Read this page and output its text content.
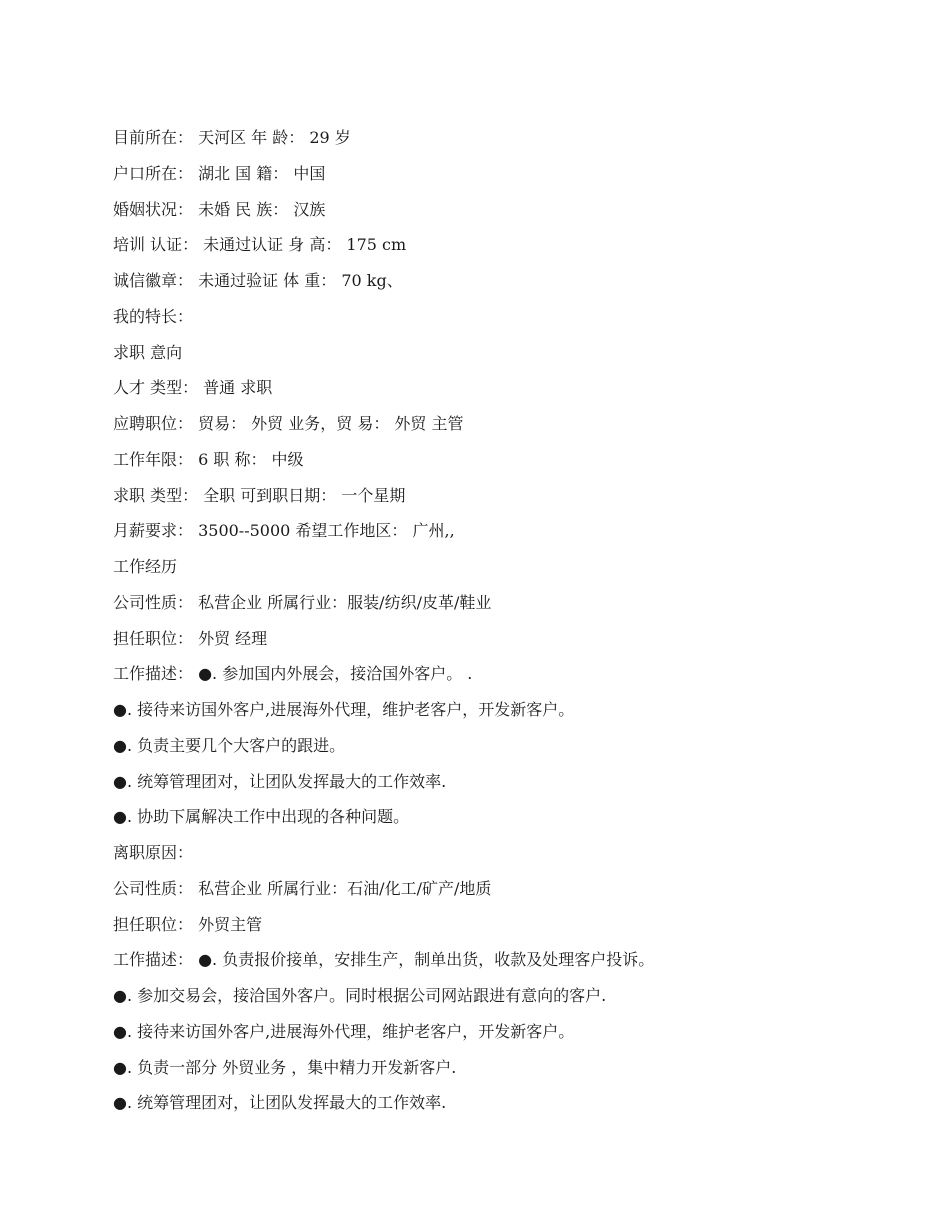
目前所在： 天河区 年 龄： 29 岁
户口所在： 湖北 国 籍： 中国
婚姻状况： 未婚 民 族： 汉族
培训 认证： 未通过认证 身 高： 175 cm
诚信徽章： 未通过验证 体 重： 70 kg、
我的特长：
求职 意向
人才 类型： 普通 求职
应聘职位： 贸易： 外贸 业务，贸 易： 外贸 主管
工作年限： 6 职 称： 中级
求职 类型： 全职 可到职日期： 一个星期
月薪要求： 3500--5000 希望工作地区： 广州,,
工作经历
公司性质： 私营企业 所属行业：服装/纺织/皮革/鞋业
担任职位： 外贸 经理
工作描述： ●. 参加国内外展会，接洽国外客户。 .
●. 接待来访国外客户,进展海外代理，维护老客户，开发新客户。
●. 负责主要几个大客户的跟进。
●. 统筹管理团对，让团队发挥最大的工作效率.
●. 协助下属解决工作中出现的各种问题。
离职原因：
公司性质： 私营企业 所属行业：石油/化工/矿产/地质
担任职位： 外贸主管
工作描述： ●. 负责报价接单，安排生产，制单出货，收款及处理客户投诉。
●. 参加交易会，接洽国外客户。同时根据公司网站跟进有意向的客户.
●. 接待来访国外客户,进展海外代理，维护老客户，开发新客户。
●. 负责一部分 外贸业务 ，集中精力开发新客户.
●. 统筹管理团对，让团队发挥最大的工作效率.
